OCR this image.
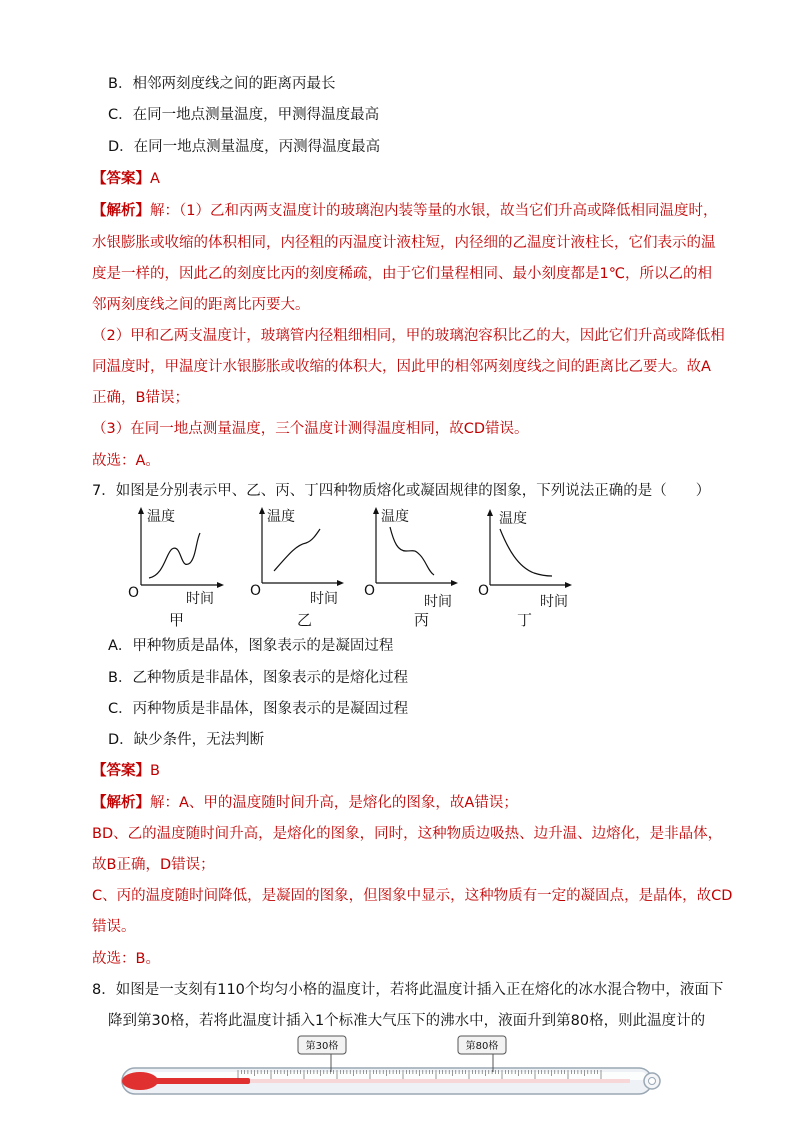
B．相邻两刻度线之间的距离丙最长
C．在同一地点测量温度，甲测得温度最高
D．在同一地点测量温度，丙测得温度最高
【答案】A
【解析】解：（1）乙和丙两支温度计的玻璃泡内装等量的水银，故当它们升高或降低相同温度时，
水银膨胀或收缩的体积相同，内径粗的丙温度计液柱短，内径细的乙温度计液柱长，它们表示的温
度是一样的，因此乙的刻度比丙的刻度稀疏，由于它们量程相同、最小刻度都是1℃，所以乙的相
邻两刻度线之间的距离比丙要大。
（2）甲和乙两支温度计，玻璃管内径粗细相同，甲的玻璃泡容积比乙的大，因此它们升高或降低相
同温度时，甲温度计水银膨胀或收缩的体积大，因此甲的相邻两刻度线之间的距离比乙要大。故A
正确，B错误；
（3）在同一地点测量温度，三个温度计测得温度相同，故CD错误。
故选：A。
7．如图是分别表示甲、乙、丙、丁四种物质熔化或凝固规律的图象，下列说法正确的是（　　）
温度
时间
O
温度
时间
O
温度
时间
O
温度
时间
O
甲	乙	丙	丁
A．甲种物质是晶体，图象表示的是凝固过程
B．乙种物质是非晶体，图象表示的是熔化过程
C．丙种物质是非晶体，图象表示的是凝固过程
D．缺少条件，无法判断
【答案】B
【解析】解：A、甲的温度随时间升高，是熔化的图象，故A错误；
BD、乙的温度随时间升高，是熔化的图象，同时，这种物质边吸热、边升温、边熔化，是非晶体，
故B正确，D错误；
C、丙的温度随时间降低，是凝固的图象，但图象中显示，这种物质有一定的凝固点，是晶体，故CD
错误。
故选：B。
8．如图是一支刻有110个均匀小格的温度计，若将此温度计插入正在熔化的冰水混合物中，液面下
降到第30格，若将此温度计插入1个标准大气压下的沸水中，液面升到第80格，则此温度计的
第30格	第80格
